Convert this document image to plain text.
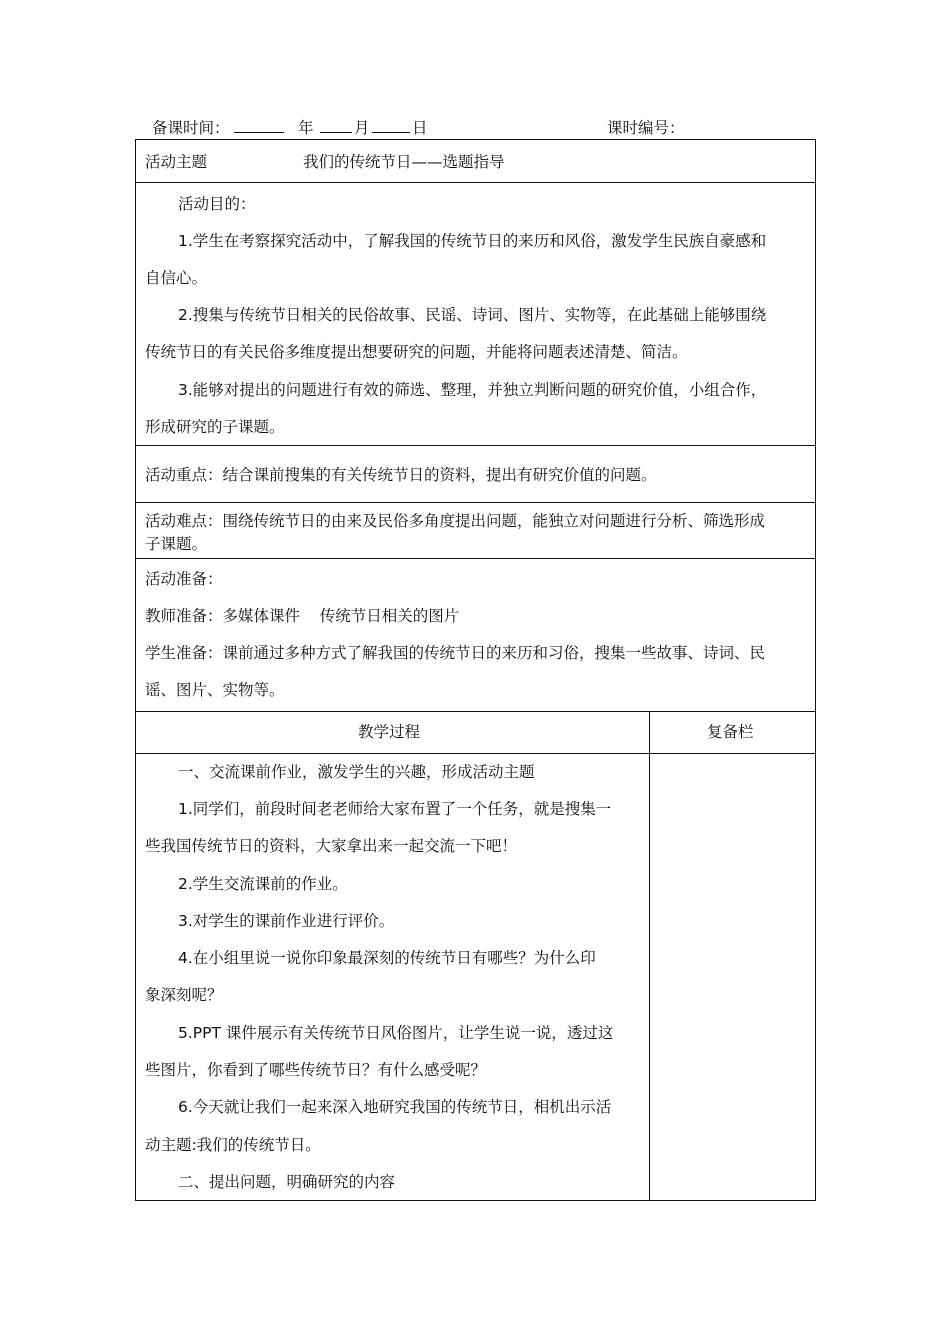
备课时间：	年	月	日	课时编号：
活动主题	我们的传统节日——选题指导
活动目的：
1.学生在考察探究活动中，了解我国的传统节日的来历和风俗，激发学生民族自豪感和
自信心。
2.搜集与传统节日相关的民俗故事、民谣、诗词、图片、实物等，在此基础上能够围绕
传统节日的有关民俗多维度提出想要研究的问题，并能将问题表述清楚、简洁。
3.能够对提出的问题进行有效的筛选、整理，并独立判断问题的研究价值，小组合作，
形成研究的子课题。
活动重点：结合课前搜集的有关传统节日的资料，提出有研究价值的问题。
活动难点：围绕传统节日的由来及民俗多角度提出问题，能独立对问题进行分析、筛选形成
子课题。
活动准备：
教师准备：多媒体课件    传统节日相关的图片
学生准备：课前通过多种方式了解我国的传统节日的来历和习俗，搜集一些故事、诗词、民
谣、图片、实物等。
教学过程	复备栏
一、交流课前作业，激发学生的兴趣，形成活动主题
1.同学们，前段时间老老师给大家布置了一个任务，就是搜集一
些我国传统节日的资料，大家拿出来一起交流一下吧！
2.学生交流课前的作业。
3.对学生的课前作业进行评价。
4.在小组里说一说你印象最深刻的传统节日有哪些？为什么印
象深刻呢？
5.PPT 课件展示有关传统节日风俗图片，让学生说一说，透过这
些图片，你看到了哪些传统节日？有什么感受呢？
6.今天就让我们一起来深入地研究我国的传统节日，相机出示活
动主题:我们的传统节日。
二、提出问题，明确研究的内容
